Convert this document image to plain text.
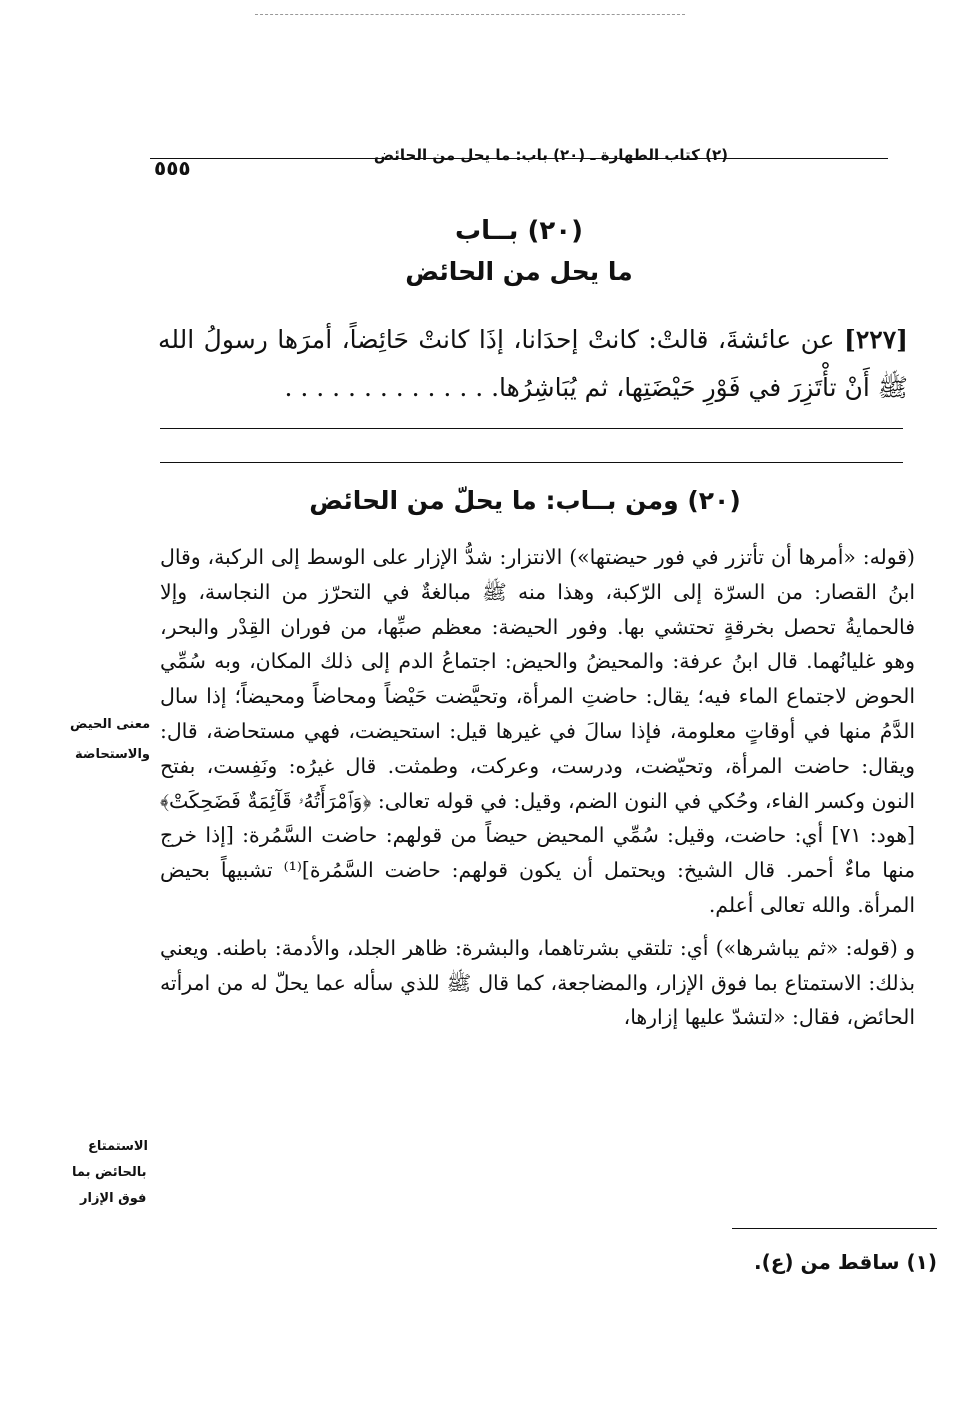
(٢) كتاب الطهارة ـ (٢٠) باب: ما يحل من الحائض
٥٥٥
(٢٠) بــاب
ما يحل من الحائض
[٢٢٧] عن عائشةَ، قالتْ: كانتْ إحدَانا، إذَا كانتْ حَائِضاً، أمرَها رسولُ الله ﷺ أَنْ تأْتَزِرَ في فَوْرِ حَيْضَتِها، ثم يُبَاشِرُها. . . . . . . . . . . . . .
(٢٠) ومن بــاب: ما يحلّ من الحائض

(قوله: «أمرها أن تأتزر في فور حيضتها») الانتزار: شدُّ الإزار على الوسط إلى الركبة، وقال ابنُ القصار: من السرّة إلى الرّكبة، وهذا منه ﷺ مبالغةٌ في التحرّز من النجاسة، وإلا فالحمايةُ تحصل بخرقةٍ تحتشي بها. وفور الحيضة: معظم صبِّها، من فوران القِدْر والبحر، وهو غليانُهما. قال ابنُ عرفة: والمحيضُ والحيض: اجتماعُ الدم إلى ذلك المكان، وبه سُمِّي الحوض لاجتماع الماء فيه؛ يقال: حاضتِ المرأة، وتحيَّضت حَيْضاً ومحاضاً ومحيضاً؛ إذا سال الدَّمُ منها في أوقاتٍ معلومة، فإذا سالَ في غيرها قيل: استحيضت، فهي مستحاضة، قال: ويقال: حاضت المرأة، وتحيّضت، ودرست، وعركت، وطمثت. قال غيرُه: ونَفِست، بفتح النون وكسر الفاء، وحُكي في النون الضم، وقيل: في قوله تعالى: ﴿وَٱمْرَأَتُهُۥ قَآئِمَةٌ فَضَحِكَتْ﴾ [هود: ٧١] أي: حاضت، وقيل: سُمِّي المحيض حيضاً من قولهم: حاضت السَّمُرة: [إذا خرج منها ماءٌ أحمر. قال الشيخ: ويحتمل أن يكون قولهم: حاضت السَّمُرة]⁽¹⁾ تشبيهاً بحيض المرأة. والله تعالى أعلم.

و (قوله: «ثم يباشرها») أي: تلتقي بشرتاهما، والبشرة: ظاهر الجلد، والأدمة: باطنه. ويعني بذلك: الاستمتاع بما فوق الإزار، والمضاجعة، كما قال ﷺ للذي سأله عما يحلّ له من امرأته الحائض، فقال: «لتشدّ عليها إزارها،

معنى الحيض
والاستحاضة
الاستمتاع
بالحائض بما
فوق الإزار
(١) ساقط من (ع).
